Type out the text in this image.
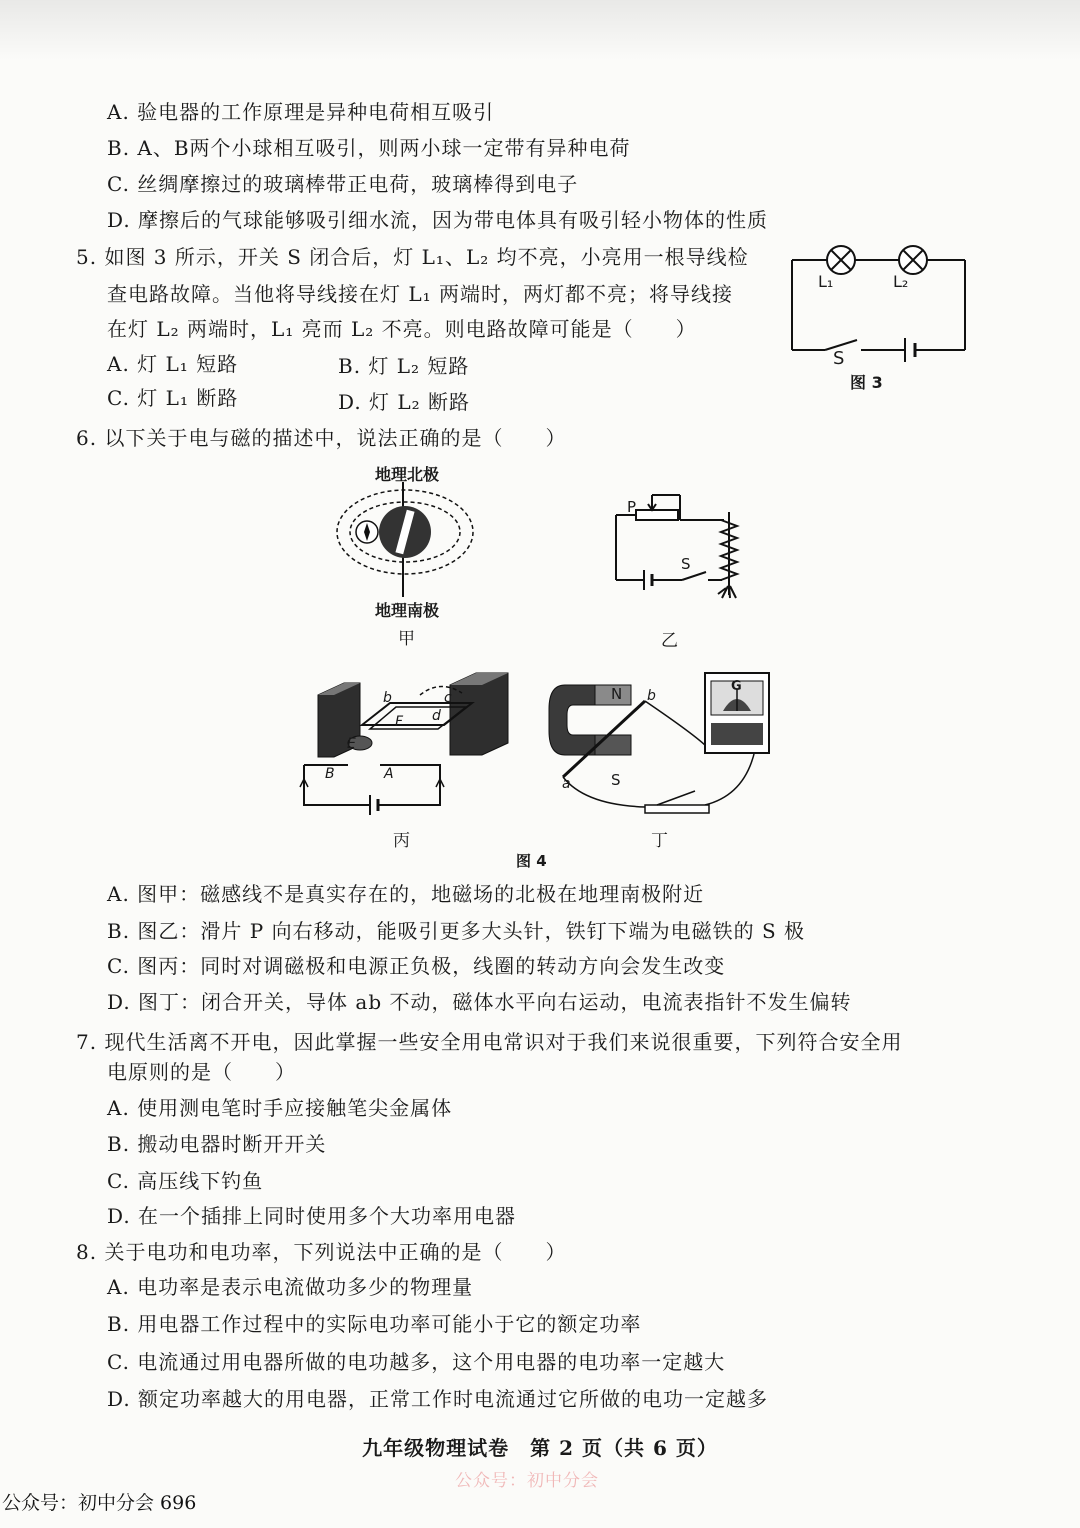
A. 验电器的工作原理是异种电荷相互吸引
B. A、B两个小球相互吸引，则两小球一定带有异种电荷
C. 丝绸摩擦过的玻璃棒带正电荷，玻璃棒得到电子
D. 摩擦后的气球能够吸引细水流，因为带电体具有吸引轻小物体的性质
5. 如图 3 所示，开关 S 闭合后，灯 L₁、L₂ 均不亮，小亮用一根导线检
查电路故障。当他将导线接在灯 L₁ 两端时，两灯都不亮；将导线接
在灯 L₂ 两端时，L₁ 亮而 L₂ 不亮。则电路故障可能是（　　）
A. 灯 L₁ 短路	B. 灯 L₂ 短路
C. 灯 L₁ 断路	D. 灯 L₂ 断路
L₁	L₂
S
图 3
6. 以下关于电与磁的描述中，说法正确的是（　　）
地理北极
地理南极
甲
P
S
乙
b	c
d
E
F
B	A
丙
N b
S
a
G
丁
图 4
A. 图甲：磁感线不是真实存在的，地磁场的北极在地理南极附近
B. 图乙：滑片 P 向右移动，能吸引更多大头针，铁钉下端为电磁铁的 S 极
C. 图丙：同时对调磁极和电源正负极，线圈的转动方向会发生改变
D. 图丁：闭合开关，导体 ab 不动，磁体水平向右运动，电流表指针不发生偏转
7. 现代生活离不开电，因此掌握一些安全用电常识对于我们来说很重要，下列符合安全用
电原则的是（　　）
A. 使用测电笔时手应接触笔尖金属体
B. 搬动电器时断开开关
C. 高压线下钓鱼
D. 在一个插排上同时使用多个大功率用电器
8. 关于电功和电功率，下列说法中正确的是（　　）
A. 电功率是表示电流做功多少的物理量
B. 用电器工作过程中的实际电功率可能小于它的额定功率
C. 电流通过用电器所做的电功越多，这个用电器的电功率一定越大
D. 额定功率越大的用电器，正常工作时电流通过它所做的电功一定越多
九年级物理试卷　第 2 页（共 6 页）
公众号：初中分会
公众号：初中分会 696
